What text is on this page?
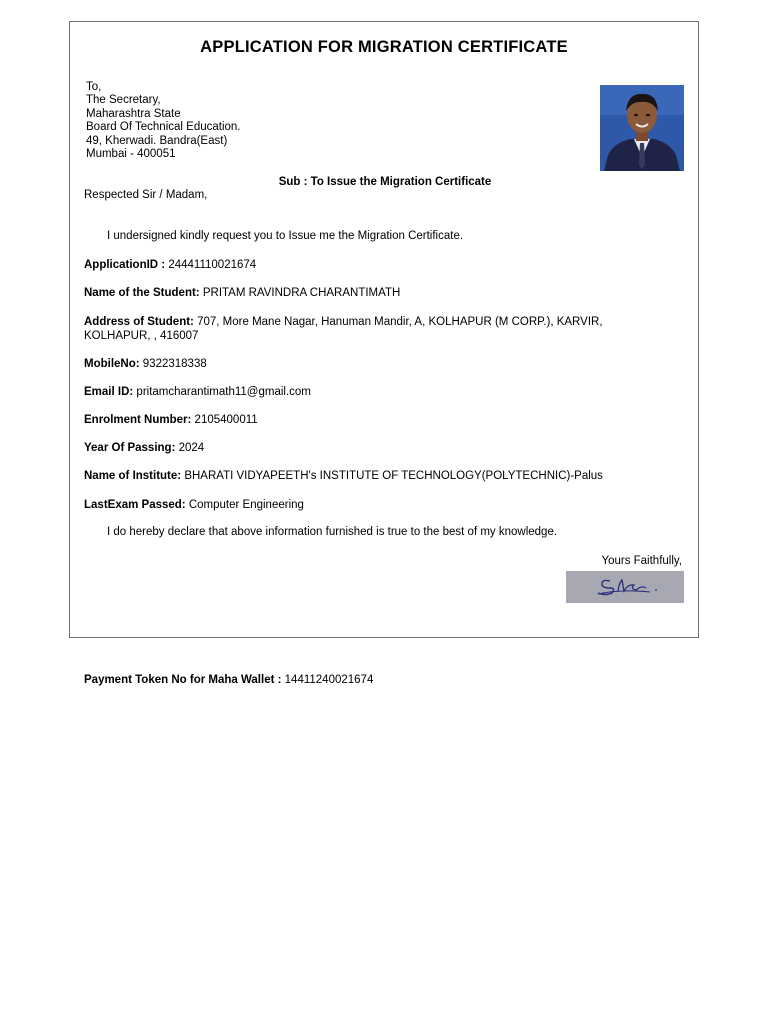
APPLICATION FOR MIGRATION CERTIFICATE
To,
The Secretary,
Maharashtra State
Board Of Technical Education.
49, Kherwadi. Bandra(East)
Mumbai - 400051
Sub : To Issue the Migration Certificate
Respected Sir / Madam,
I undersigned kindly request you to Issue me the Migration Certificate.
ApplicationID : 24441110021674
Name of the Student: PRITAM RAVINDRA CHARANTIMATH
Address of Student: 707, More Mane Nagar, Hanuman Mandir, A, KOLHAPUR (M CORP.), KARVIR, KOLHAPUR, , 416007
MobileNo: 9322318338
Email ID: pritamcharantimath11@gmail.com
Enrolment Number: 2105400011
Year Of Passing: 2024
Name of Institute: BHARATI VIDYAPEETH's INSTITUTE OF TECHNOLOGY(POLYTECHNIC)-Palus
LastExam Passed: Computer Engineering
I do hereby declare that above information furnished is true to the best of my knowledge.
Yours Faithfully,
Payment Token No for Maha Wallet : 14411240021674
